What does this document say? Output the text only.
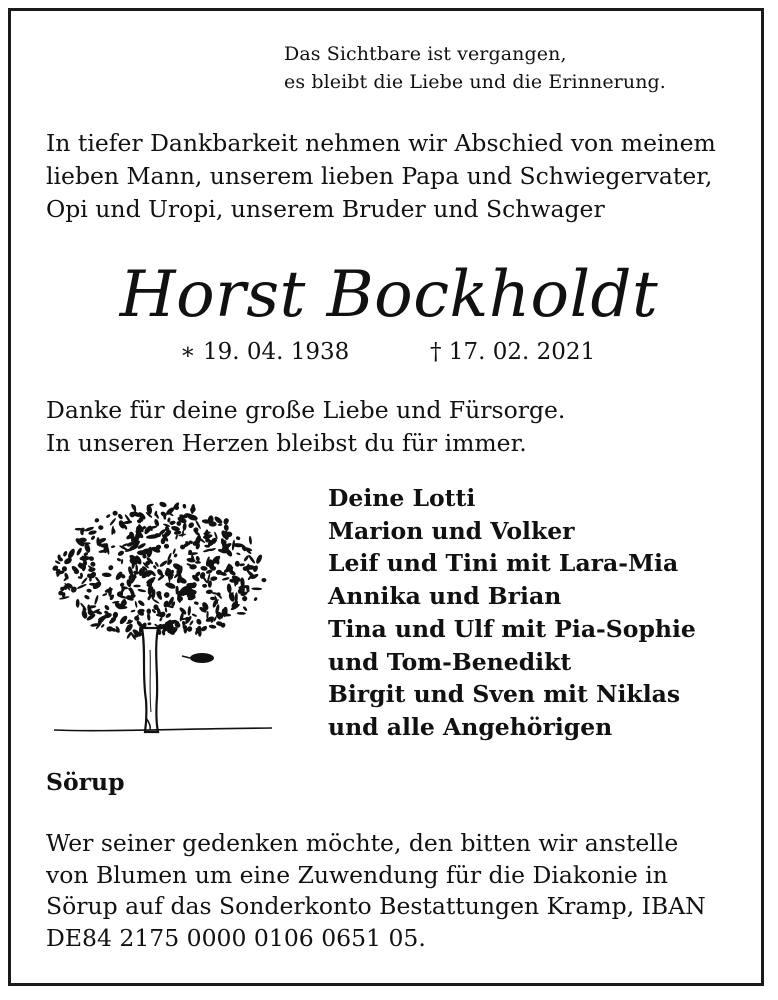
Das Sichtbare ist vergangen,
es bleibt die Liebe und die Erinnerung.
In tiefer Dankbarkeit nehmen wir Abschied von meinem
lieben Mann, unserem lieben Papa und Schwiegervater,
Opi und Uropi, unserem Bruder und Schwager
Horst Bockholdt
∗ 19. 04. 1938	† 17. 02. 2021
Danke für deine große Liebe und Fürsorge.
In unseren Herzen bleibst du für immer.
Deine Lotti
Marion und Volker
Leif und Tini mit Lara-Mia
Annika und Brian
Tina und Ulf mit Pia-Sophie
und Tom-Benedikt
Birgit und Sven mit Niklas
und alle Angehörigen
Sörup
Wer seiner gedenken möchte, den bitten wir anstelle
von Blumen um eine Zuwendung für die Diakonie in
Sörup auf das Sonderkonto Bestattungen Kramp, IBAN
DE84 2175 0000 0106 0651 05.
